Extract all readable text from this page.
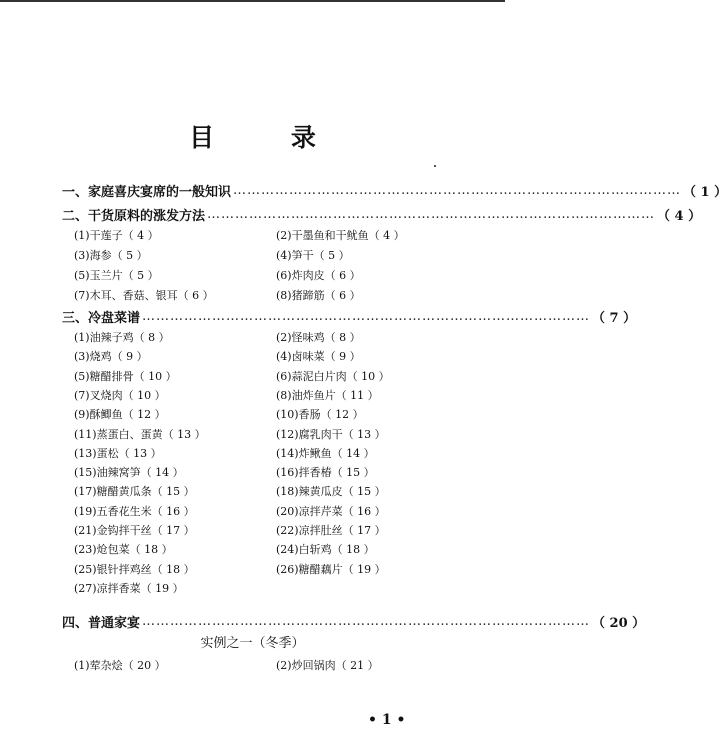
目 录
一、家庭喜庆宴席的一般知识 …………………………………………………………………………………… （ 1 ）
二、干货原料的涨发方法 …………………………………………………………………………………… （ 4 ）
(1)干莲子（ 4 ）	(2)干墨鱼和干鱿鱼（ 4 ）
(3)海参（ 5 ）	(4)笋干（ 5 ）
(5)玉兰片（ 5 ）	(6)炸肉皮（ 6 ）
(7)木耳、香菇、银耳（ 6 ）	(8)猪蹄筋（ 6 ）
三、冷盘菜谱 …………………………………………………………………………………… （ 7 ）
(1)油辣子鸡（ 8 ）	(2)怪味鸡（ 8 ）
(3)烧鸡（ 9 ）	(4)卤味菜（ 9 ）
(5)糖醋排骨（ 10 ）	(6)蒜泥白片肉（ 10 ）
(7)叉烧肉（ 10 ）	(8)油炸鱼片（ 11 ）
(9)酥鲫鱼（ 12 ）	(10)香肠（ 12 ）
(11)蒸蛋白、蛋黄（ 13 ）	(12)腐乳肉干（ 13 ）
(13)蛋松（ 13 ）	(14)炸鳅鱼（ 14 ）
(15)油辣窝笋（ 14 ）	(16)拌香椿（ 15 ）
(17)糖醋黄瓜条（ 15 ）	(18)辣黄瓜皮（ 15 ）
(19)五香花生米（ 16 ）	(20)凉拌芹菜（ 16 ）
(21)金钩拌干丝（ 17 ）	(22)凉拌肚丝（ 17 ）
(23)炝包菜（ 18 ）	(24)白斩鸡（ 18 ）
(25)银针拌鸡丝（ 18 ）	(26)糖醋藕片（ 19 ）
(27)凉拌香菜（ 19 ）
四、普通家宴 …………………………………………………………………………………… （ 20 ）
实例之一（冬季）
(1)荤杂烩（ 20 ）	(2)炒回锅肉（ 21 ）
• 1 •
